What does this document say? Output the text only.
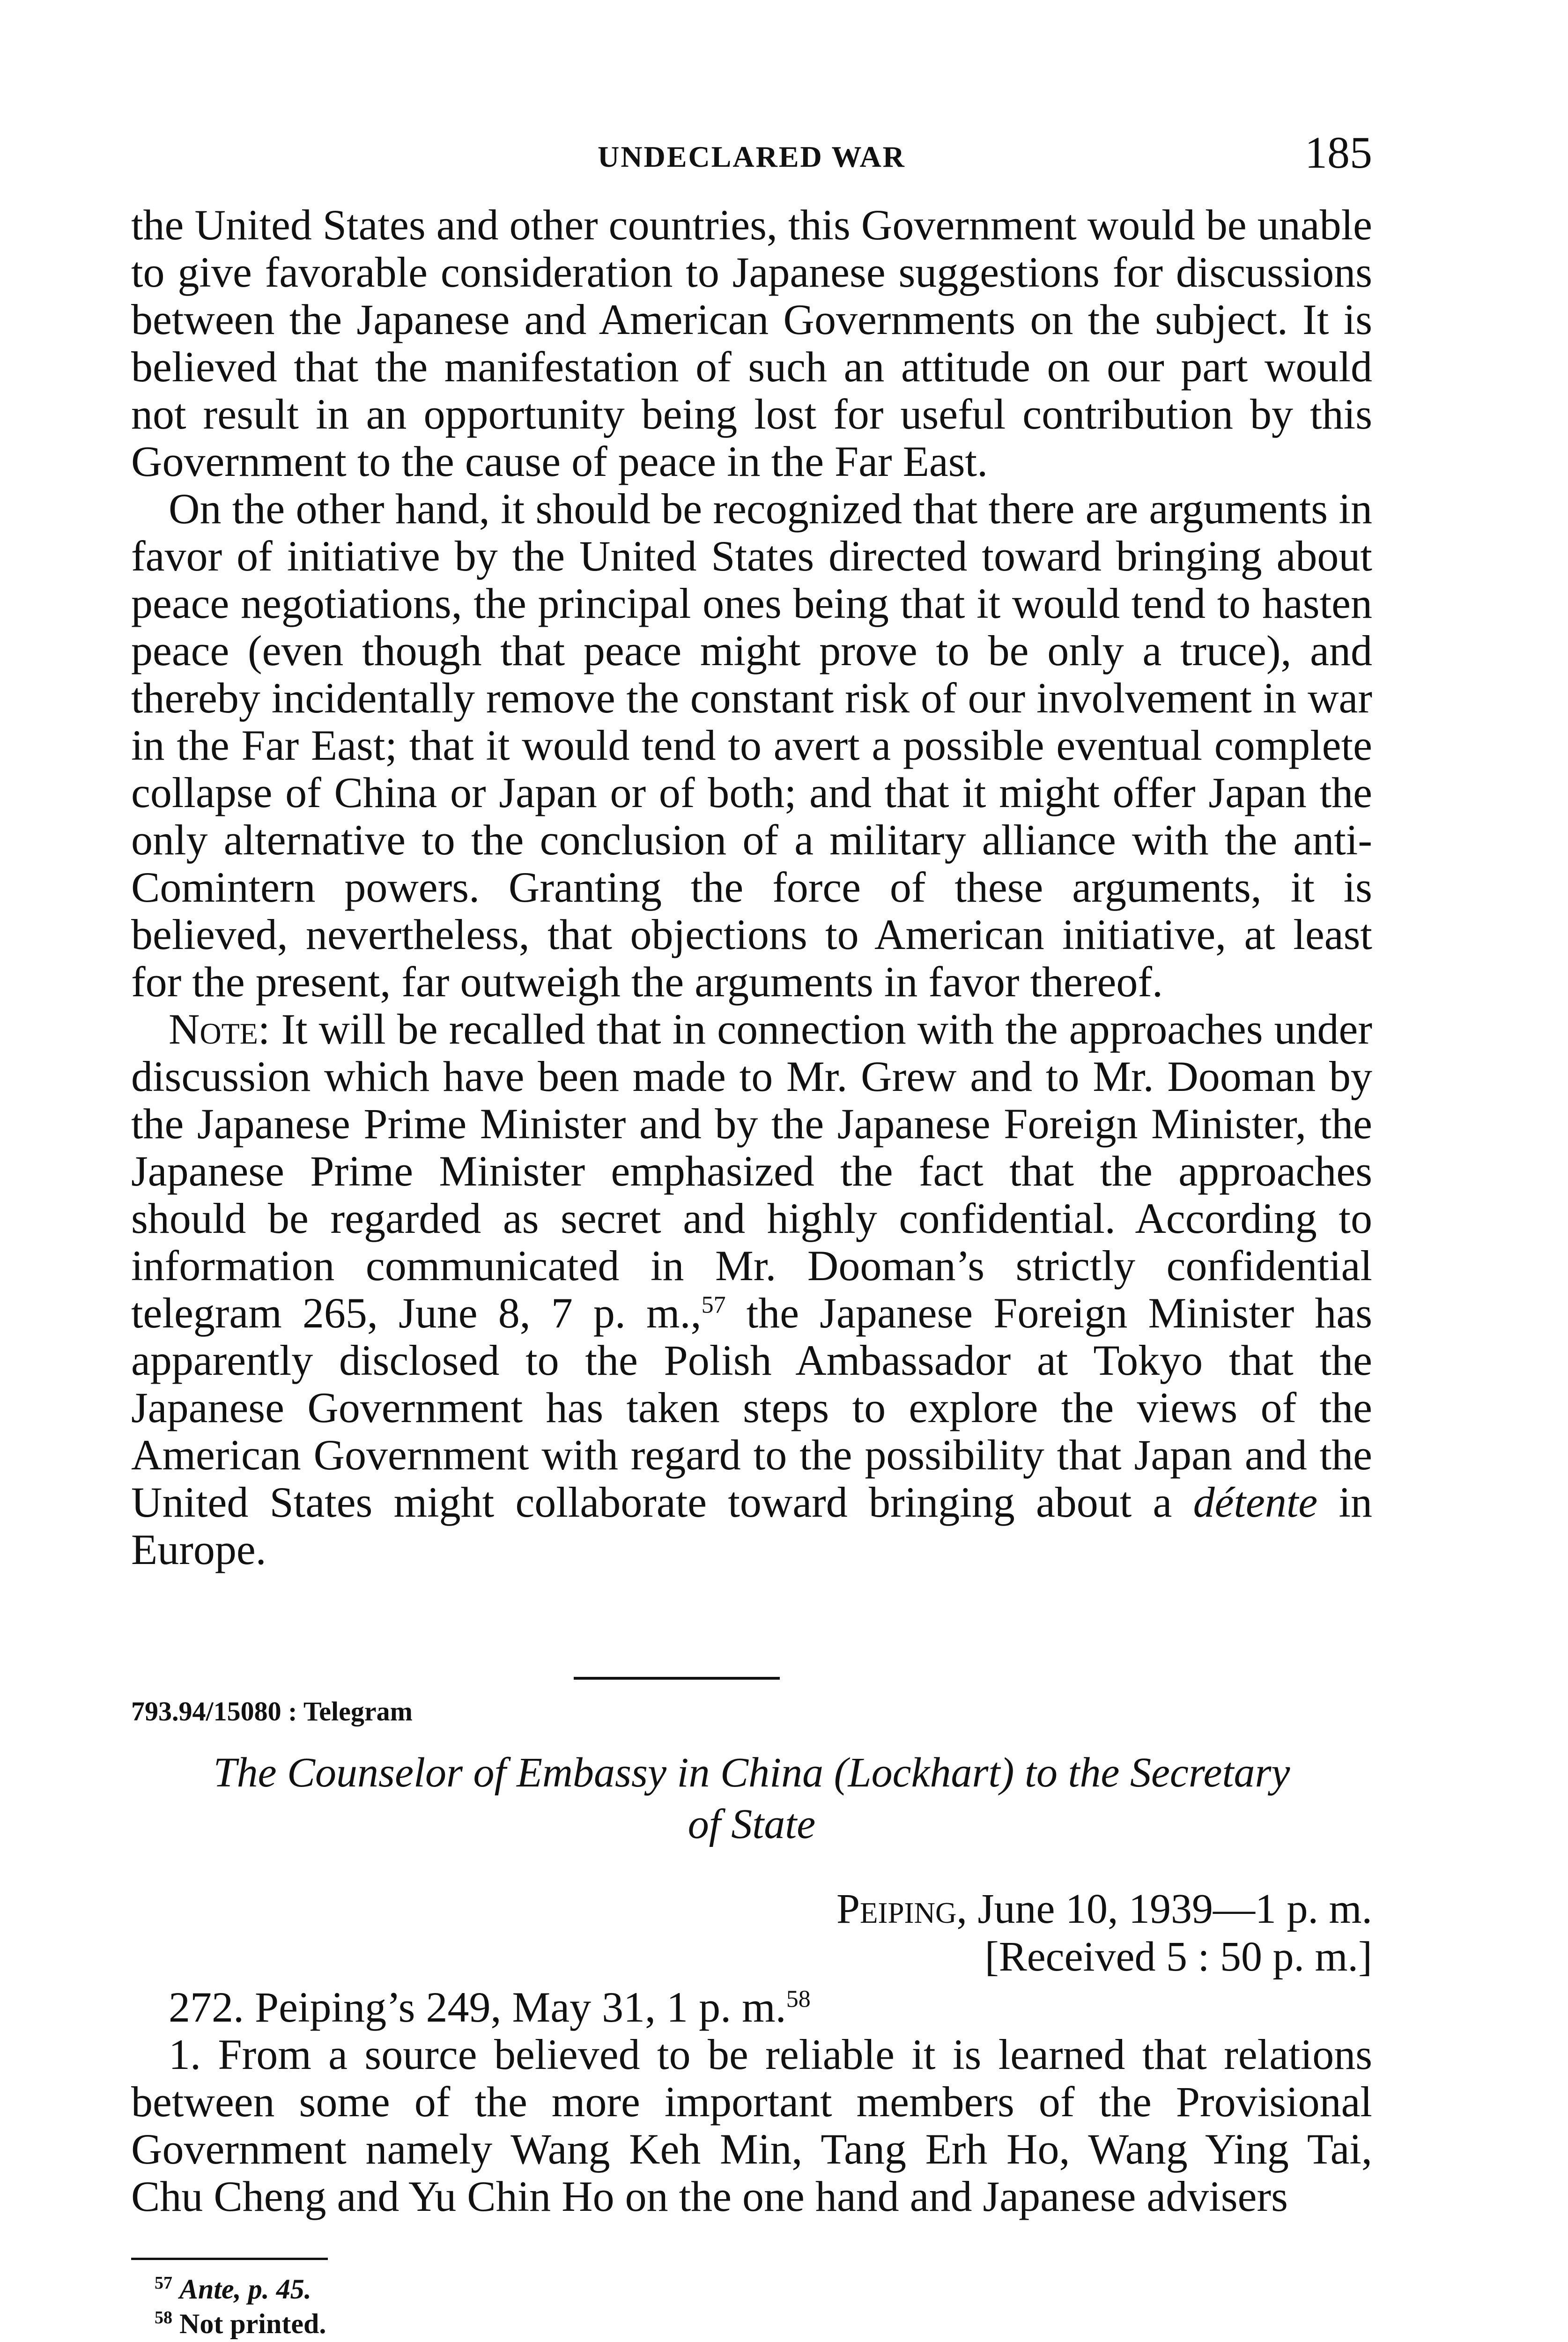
UNDECLARED WAR	185

the United States and other countries, this Government would be unable to give favorable consideration to Japanese suggestions for discussions between the Japanese and American Governments on the subject. It is believed that the manifestation of such an attitude on our part would not result in an opportunity being lost for useful contribution by this Government to the cause of peace in the Far East.

On the other hand, it should be recognized that there are arguments in favor of initiative by the United States directed toward bringing about peace negotiations, the principal ones being that it would tend to hasten peace (even though that peace might prove to be only a truce), and thereby incidentally remove the constant risk of our involvement in war in the Far East; that it would tend to avert a possible eventual complete collapse of China or Japan or of both; and that it might offer Japan the only alternative to the conclusion of a military alliance with the anti-Comintern powers. Granting the force of these arguments, it is believed, nevertheless, that objections to American initiative, at least for the present, far outweigh the arguments in favor thereof.

Note: It will be recalled that in connection with the approaches under discussion which have been made to Mr. Grew and to Mr. Dooman by the Japanese Prime Minister and by the Japanese Foreign Minister, the Japanese Prime Minister emphasized the fact that the approaches should be regarded as secret and highly confidential. According to information communicated in Mr. Dooman’s strictly confidential telegram 265, June 8, 7 p. m.,$^{57}$ the Japanese Foreign Minister has apparently disclosed to the Polish Ambassador at Tokyo that the Japanese Government has taken steps to explore the views of the American Government with regard to the possibility that Japan and the United States might collaborate toward bringing about a détente in Europe.

793.94/15080 : Telegram
The Counselor of Embassy in China (Lockhart) to the Secretary
of State
Peiping, June 10, 1939—1 p. m.
[Received 5 : 50 p. m.]

272. Peiping’s 249, May 31, 1 p. m.$^{58}$

1. From a source believed to be reliable it is learned that relations between some of the more important members of the Provisional Government namely Wang Keh Min, Tang Erh Ho, Wang Ying Tai, Chu Cheng and Yu Chin Ho on the one hand and Japanese advisers

$^{57}$ Ante, p. 45.
$^{58}$ Not printed.
